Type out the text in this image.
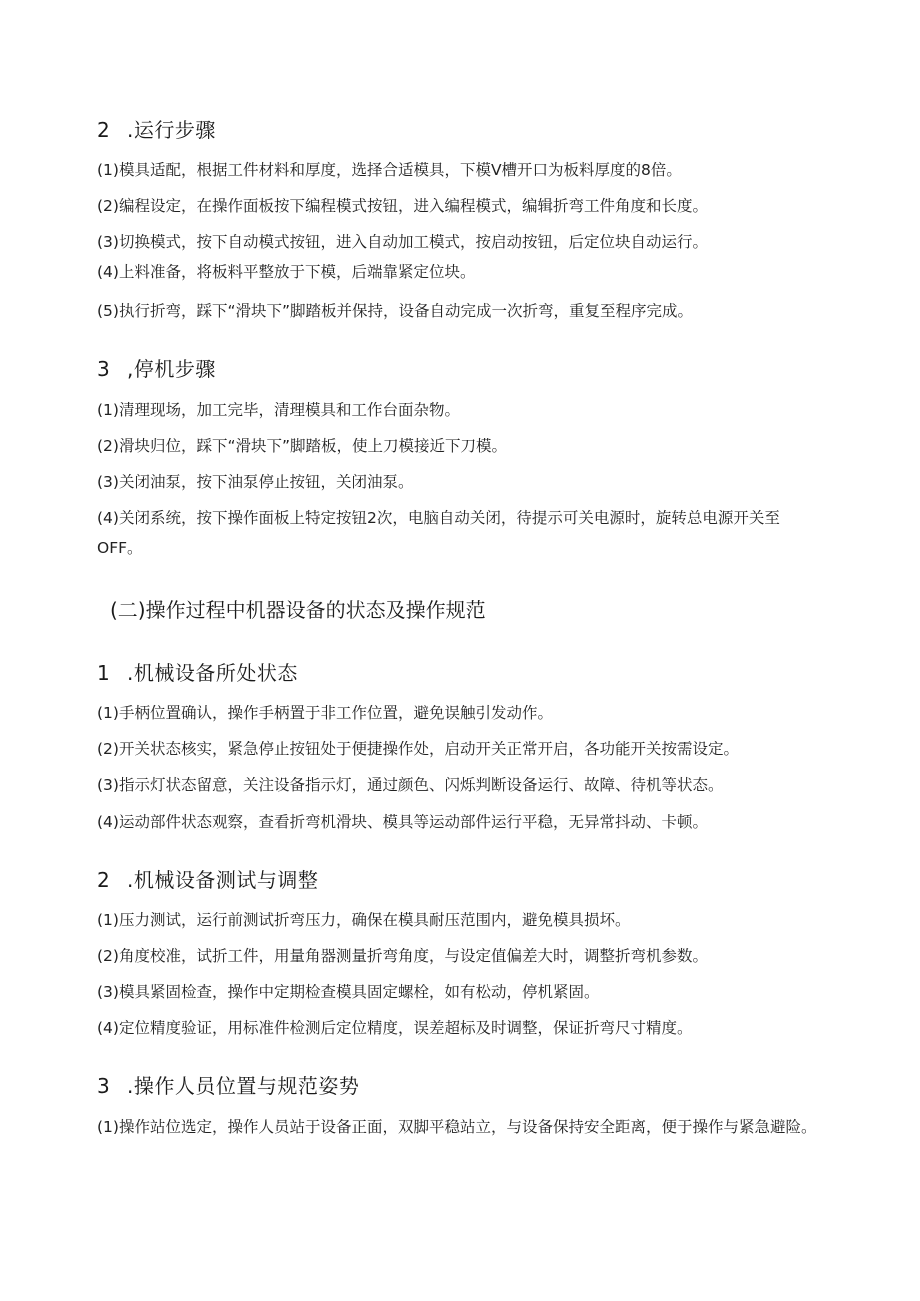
2 .运行步骤
(1)模具适配，根据工件材料和厚度，选择合适模具，下模V槽开口为板料厚度的8倍。
(2)编程设定，在操作面板按下编程模式按钮，进入编程模式，编辑折弯工件角度和长度。
(3)切换模式，按下自动模式按钮，进入自动加工模式，按启动按钮，后定位块自动运行。
(4)上料准备，将板料平整放于下模，后端靠紧定位块。
(5)执行折弯，踩下“滑块下”脚踏板并保持，设备自动完成一次折弯，重复至程序完成。
3 ,停机步骤
(1)清理现场，加工完毕，清理模具和工作台面杂物。
(2)滑块归位，踩下“滑块下”脚踏板，使上刀模接近下刀模。
(3)关闭油泵，按下油泵停止按钮，关闭油泵。
(4)关闭系统，按下操作面板上特定按钮2次，电脑自动关闭，待提示可关电源时，旋转总电源开关至OFF。
(二)操作过程中机器设备的状态及操作规范
1 .机械设备所处状态
(1)手柄位置确认，操作手柄置于非工作位置，避免误触引发动作。
(2)开关状态核实，紧急停止按钮处于便捷操作处，启动开关正常开启，各功能开关按需设定。
(3)指示灯状态留意，关注设备指示灯，通过颜色、闪烁判断设备运行、故障、待机等状态。
(4)运动部件状态观察，查看折弯机滑块、模具等运动部件运行平稳，无异常抖动、卡顿。
2 .机械设备测试与调整
(1)压力测试，运行前测试折弯压力，确保在模具耐压范围内，避免模具损坏。
(2)角度校准，试折工件，用量角器测量折弯角度，与设定值偏差大时，调整折弯机参数。
(3)模具紧固检查，操作中定期检查模具固定螺栓，如有松动，停机紧固。
(4)定位精度验证，用标准件检测后定位精度，误差超标及时调整，保证折弯尺寸精度。
3 .操作人员位置与规范姿势
(1)操作站位选定，操作人员站于设备正面，双脚平稳站立，与设备保持安全距离，便于操作与紧急避险。
